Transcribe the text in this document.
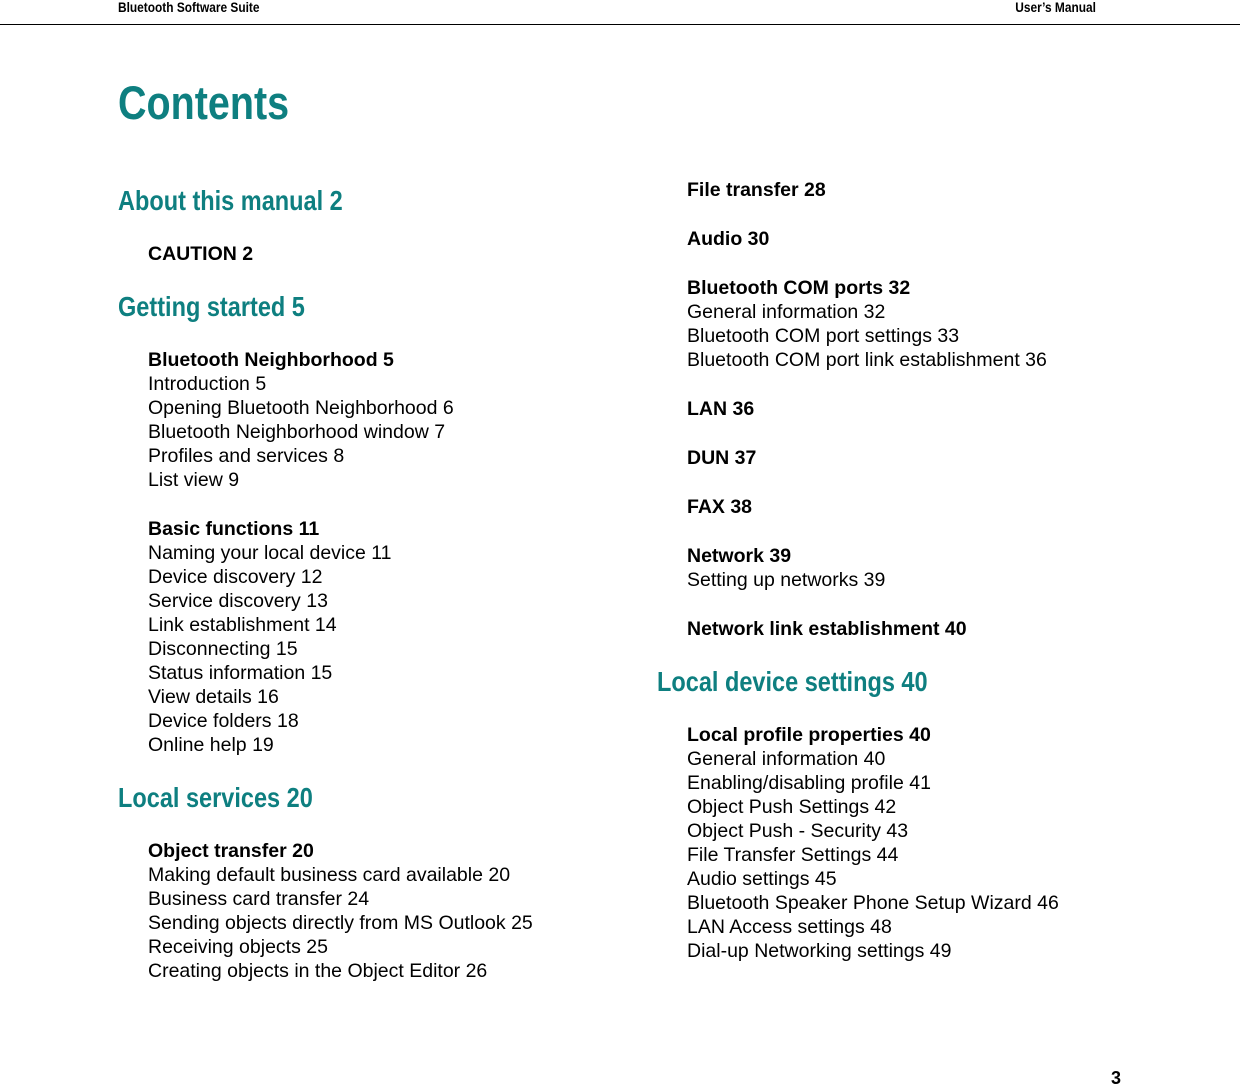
Bluetooth Software Suite	User’s Manual
Contents
About this manual 2
CAUTION 2
Getting started 5
Bluetooth Neighborhood 5
Introduction 5
Opening Bluetooth Neighborhood 6
Bluetooth Neighborhood window 7
Profiles and services 8
List view 9
Basic functions 11
Naming your local device 11
Device discovery 12
Service discovery 13
Link establishment 14
Disconnecting 15
Status information 15
View details 16
Device folders 18
Online help 19
Local services 20
Object transfer 20
Making default business card available 20
Business card transfer 24
Sending objects directly from MS Outlook 25
Receiving objects 25
Creating objects in the Object Editor 26
File transfer 28
Audio 30
Bluetooth COM ports 32
General information 32
Bluetooth COM port settings 33
Bluetooth COM port link establishment 36
LAN 36
DUN 37
FAX 38
Network 39
Setting up networks 39
Network link establishment 40
Local device settings 40
Local profile properties 40
General information 40
Enabling/disabling profile 41
Object Push Settings 42
Object Push - Security 43
File Transfer Settings 44
Audio settings 45
Bluetooth Speaker Phone Setup Wizard 46
LAN Access settings 48
Dial-up Networking settings 49
3
